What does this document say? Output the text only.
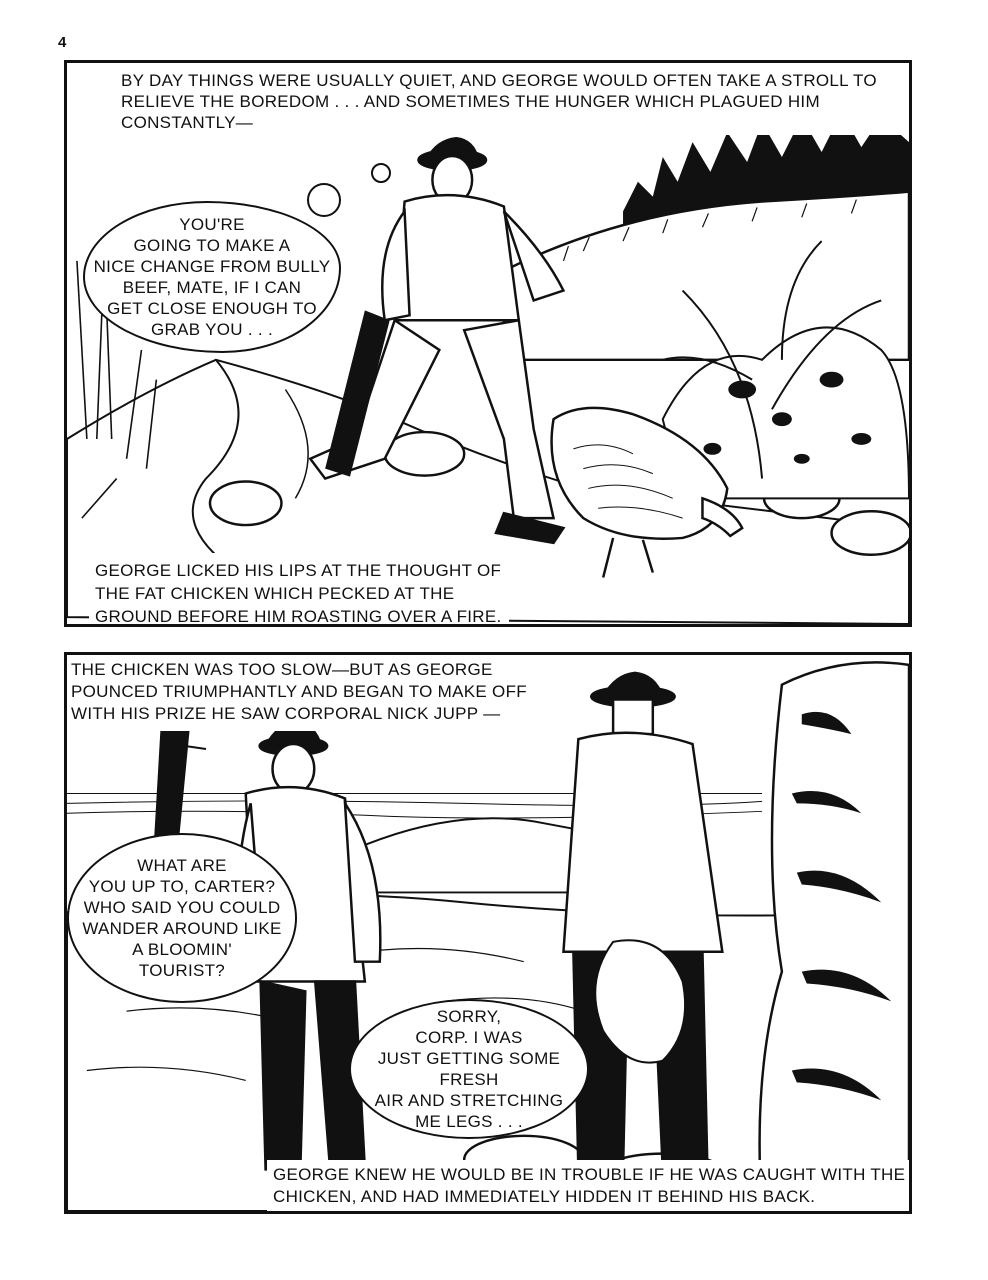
4
BY DAY THINGS WERE USUALLY QUIET, AND GEORGE WOULD OFTEN TAKE A STROLL TO
RELIEVE THE BOREDOM . . . AND SOMETIMES THE HUNGER WHICH PLAGUED HIM
CONSTANTLY—
YOU'RE
GOING TO MAKE A
NICE CHANGE FROM BULLY
BEEF, MATE, IF I CAN
GET CLOSE ENOUGH TO
GRAB YOU . . .
GEORGE LICKED HIS LIPS AT THE THOUGHT OF
THE FAT CHICKEN WHICH PECKED AT THE
GROUND BEFORE HIM ROASTING OVER A FIRE.
THE CHICKEN WAS TOO SLOW—BUT AS GEORGE
POUNCED TRIUMPHANTLY AND BEGAN TO MAKE OFF
WITH HIS PRIZE HE SAW CORPORAL NICK JUPP —
WHAT ARE
YOU UP TO, CARTER?
WHO SAID YOU COULD
WANDER AROUND LIKE
A BLOOMIN'
TOURIST?
SORRY,
CORP. I WAS
JUST GETTING SOME FRESH
AIR AND STRETCHING
ME LEGS . . .
GEORGE KNEW HE WOULD BE IN TROUBLE IF HE WAS CAUGHT WITH THE
CHICKEN, AND HAD IMMEDIATELY HIDDEN IT BEHIND HIS BACK.
